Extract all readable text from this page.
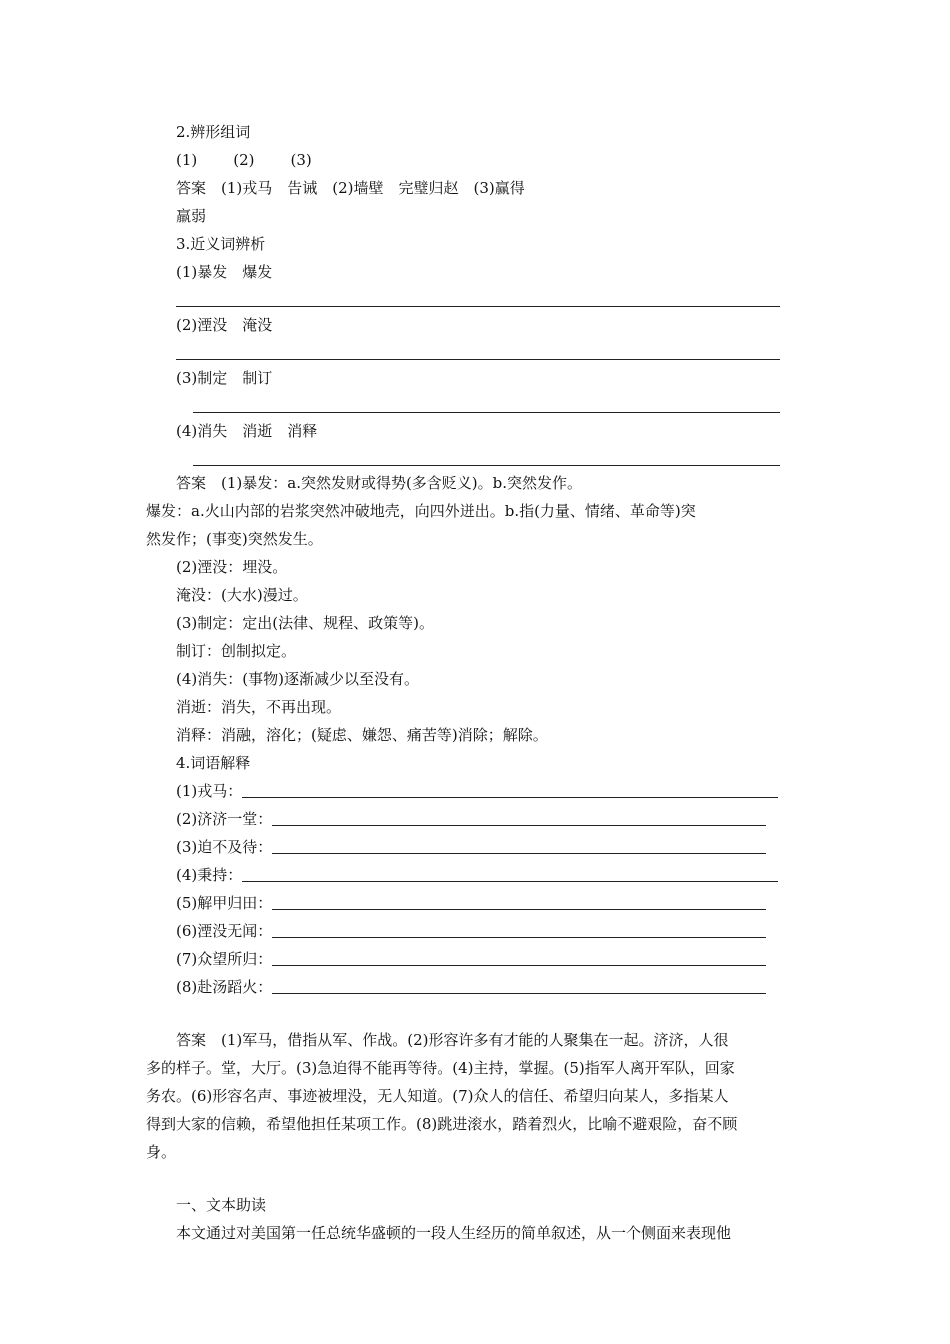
2.辨形组词
(1) (2) (3)
答案　(1)戎马　告诫　(2)墙壁　完璧归赵　(3)赢得
羸弱
3.近义词辨析
(1)暴发　爆发
(2)湮没　淹没
(3)制定　制订
(4)消失　消逝　消释
答案　(1)暴发：a.突然发财或得势(多含贬义)。b.突然发作。
爆发：a.火山内部的岩浆突然冲破地壳，向四外迸出。b.指(力量、情绪、革命等)突
然发作；(事变)突然发生。
(2)湮没：埋没。
淹没：(大水)漫过。
(3)制定：定出(法律、规程、政策等)。
制订：创制拟定。
(4)消失：(事物)逐渐减少以至没有。
消逝：消失，不再出现。
消释：消融，溶化；(疑虑、嫌怨、痛苦等)消除；解除。
4.词语解释
(1)戎马：
(2)济济一堂：
(3)迫不及待：
(4)秉持：
(5)解甲归田：
(6)湮没无闻：
(7)众望所归：
(8)赴汤蹈火：
答案　(1)军马，借指从军、作战。(2)形容许多有才能的人聚集在一起。济济，人很
多的样子。堂，大厅。(3)急迫得不能再等待。(4)主持，掌握。(5)指军人离开军队，回家
务农。(6)形容名声、事迹被埋没，无人知道。(7)众人的信任、希望归向某人，多指某人
得到大家的信赖，希望他担任某项工作。(8)跳进滚水，踏着烈火，比喻不避艰险，奋不顾
身。
一、文本助读
本文通过对美国第一任总统华盛顿的一段人生经历的简单叙述，从一个侧面来表现他
